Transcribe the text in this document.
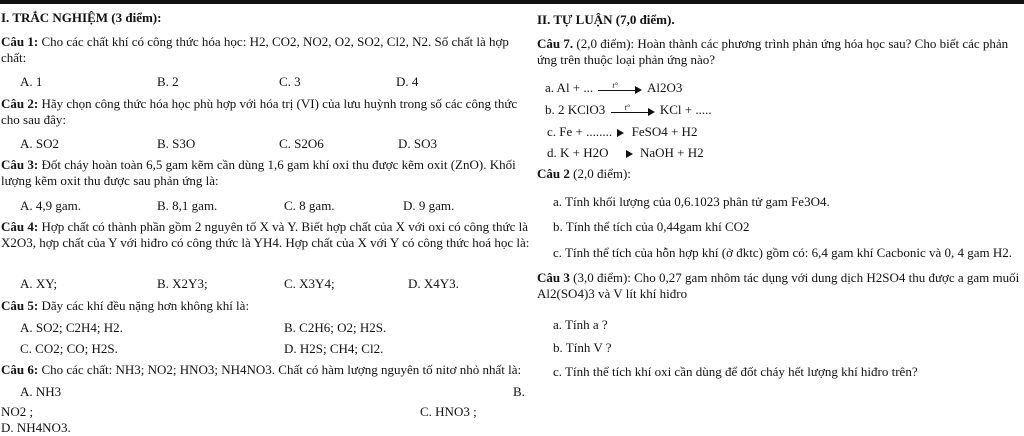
I. TRẮC NGHIỆM (3 điểm):
Câu 1: Cho các chất khí có công thức hóa học: H2, CO2, NO2, O2, SO2, Cl2, N2. Số chất là hợp chất:
A. 1	B. 2	C. 3	D. 4
Câu 2: Hãy chọn công thức hóa học phù hợp với hóa trị (VI) của lưu huỳnh trong số các công thức cho sau đây:
A. SO2	B. S3O	C. S2O6	D. SO3
Câu 3: Đốt cháy hoàn toàn 6,5 gam kẽm cần dùng 1,6 gam khí oxi thu được kẽm oxit (ZnO). Khối lượng kẽm oxit thu được sau phản ứng là:
A. 4,9 gam.	B. 8,1 gam.	C. 8 gam.	D. 9 gam.
Câu 4: Hợp chất có thành phần gồm 2 nguyên tố X và Y. Biết hợp chất của X với oxi có công thức là X2O3, hợp chất của Y với hiđro có công thức là YH4. Hợp chất của X với Y có công thức hoá học là:
A. XY;	B. X2Y3;	C. X3Y4;	D. X4Y3.
Câu 5: Dãy các khí đều nặng hơn không khí là:
A. SO2; C2H4; H2.	B. C2H6; O2; H2S.
C. CO2; CO; H2S.	D. H2S; CH4; Cl2.
Câu 6: Cho các chất: NH3; NO2; HNO3; NH4NO3. Chất có hàm lượng nguyên tố nitơ nhỏ nhất là:
A. NH3	B.
NO2 ;	C. HNO3 ;
D. NH4NO3.
II. TỰ LUẬN (7,0 điểm).
Câu 7. (2,0 điểm): Hoàn thành các phương trình phản ứng hóa học sau? Cho biết các phản ứng trên thuộc loại phản ứng nào?
a. Al + ... t° Al2O3
b. 2 KClO3 t° KCl + .....
c. Fe + ........ FeSO4 + H2
d. K + H2O NaOH + H2
Câu 2 (2,0 điểm):
a. Tính khối lượng của 0,6.1023 phân tử gam Fe3O4.
b. Tính thể tích của 0,44gam khí CO2
c. Tính thể tích của hỗn hợp khí (ở đktc) gồm có: 6,4 gam khí Cacbonic và 0, 4 gam H2.
Câu 3 (3,0 điểm): Cho 0,27 gam nhôm tác dụng với dung dịch H2SO4 thu được a gam muối Al2(SO4)3 và V lít khí hiđro
a. Tính a ?
b. Tính V ?
c. Tính thể tích khí oxi cần dùng để đốt cháy hết lượng khí hiđro trên?
